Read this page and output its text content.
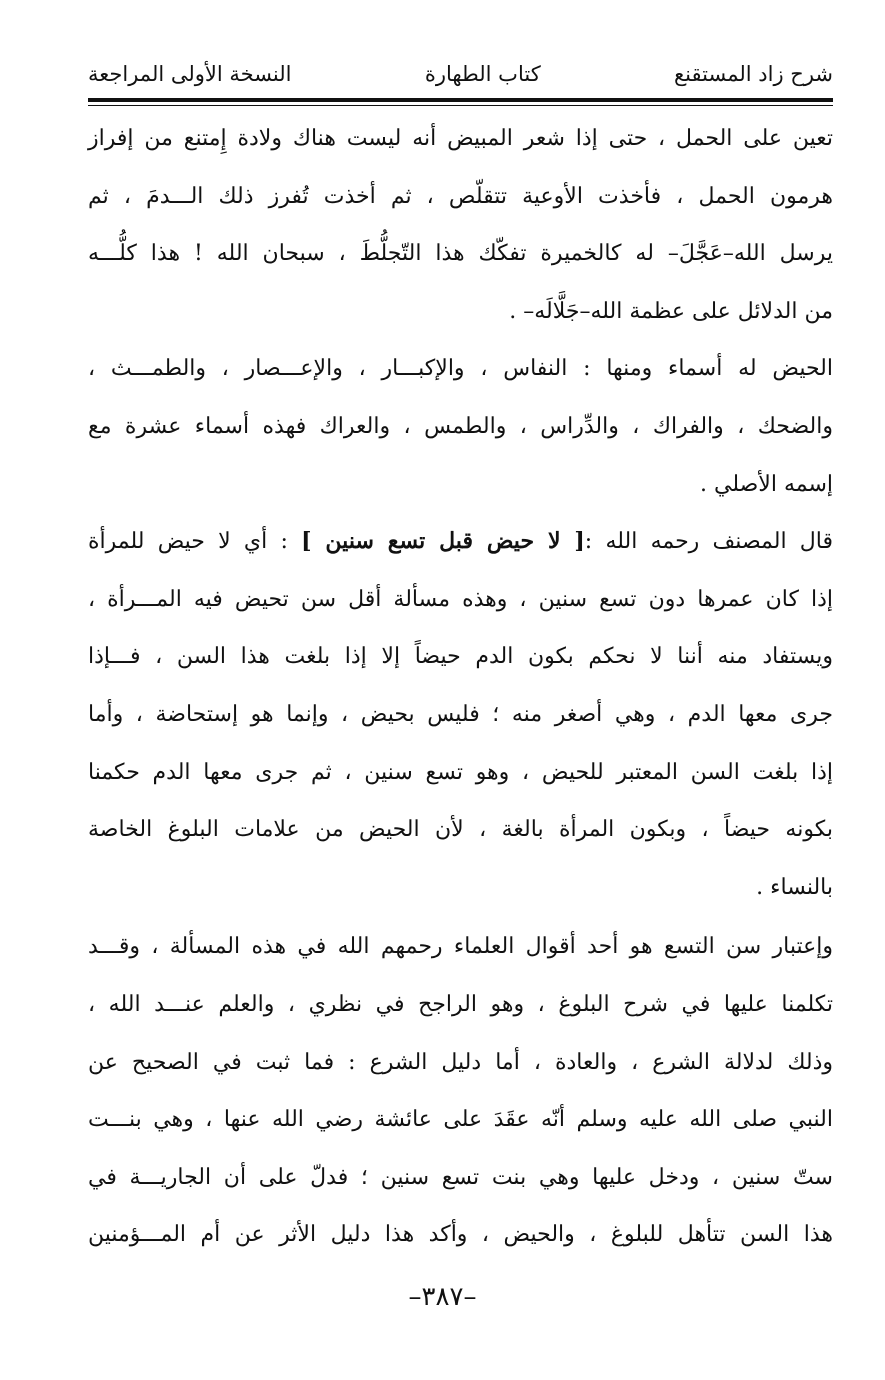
شرح زاد المستقنع
كتاب الطهارة
النسخة الأولى المراجعة
تعين على الحمل ، حتى إذا شعر المبيض أنه ليست هناك ولادة إِمتنع من إفراز
هرمون الحمل ، فأخذت الأوعية تتقلّص ، ثم أخذت تُفرز ذلك الـــدمَ ، ثم
يرسل الله–عَجَّلَ– له كالخميرة تفكّك هذا التّجلُّطَ ، سبحان الله ! هذا كلُّـــه
من الدلائل على عظمة الله–جَلَّالَه– .
الحيض له أسماء ومنها : النفاس ، والإكبـــار ، والإعـــصار ، والطمـــث ،
والضحك ، والفراك ، والدِّراس ، والطمس ، والعراك فهذه أسماء عشرة مع
إسمه الأصلي .
قال المصنف رحمه الله :[ لا حيض قبل تسع سنين ] : أي لا حيض للمرأة
إذا كان عمرها دون تسع سنين ، وهذه مسألة أقل سن تحيض فيه المـــرأة ،
ويستفاد منه أننا لا نحكم بكون الدم حيضاً إلا إذا بلغت هذا السن ، فـــإذا
جرى معها الدم ، وهي أصغر منه ؛ فليس بحيض ، وإنما هو إستحاضة ، وأما
إذا بلغت السن المعتبر للحيض ، وهو تسع سنين ، ثم جرى معها الدم حكمنا
بكونه حيضاً ، وبكون المرأة بالغة ، لأن الحيض من علامات البلوغ الخاصة
بالنساء .
وإعتبار سن التسع هو أحد أقوال العلماء رحمهم الله في هذه المسألة ، وقـــد
تكلمنا عليها في شرح البلوغ ، وهو الراجح في نظري ، والعلم عنـــد الله ،
وذلك لدلالة الشرع ، والعادة ، أما دليل الشرع : فما ثبت في الصحيح عن
النبي صلى الله عليه وسلم أنّه عقَدَ على عائشة رضي الله عنها ، وهي بنـــت
ستّ سنين ، ودخل عليها وهي بنت تسع سنين ؛ فدلّ على أن الجاريـــة في
هذا السن تتأهل للبلوغ ، والحيض ، وأكد هذا دليل الأثر عن أم المـــؤمنين
–٣٨٧–
